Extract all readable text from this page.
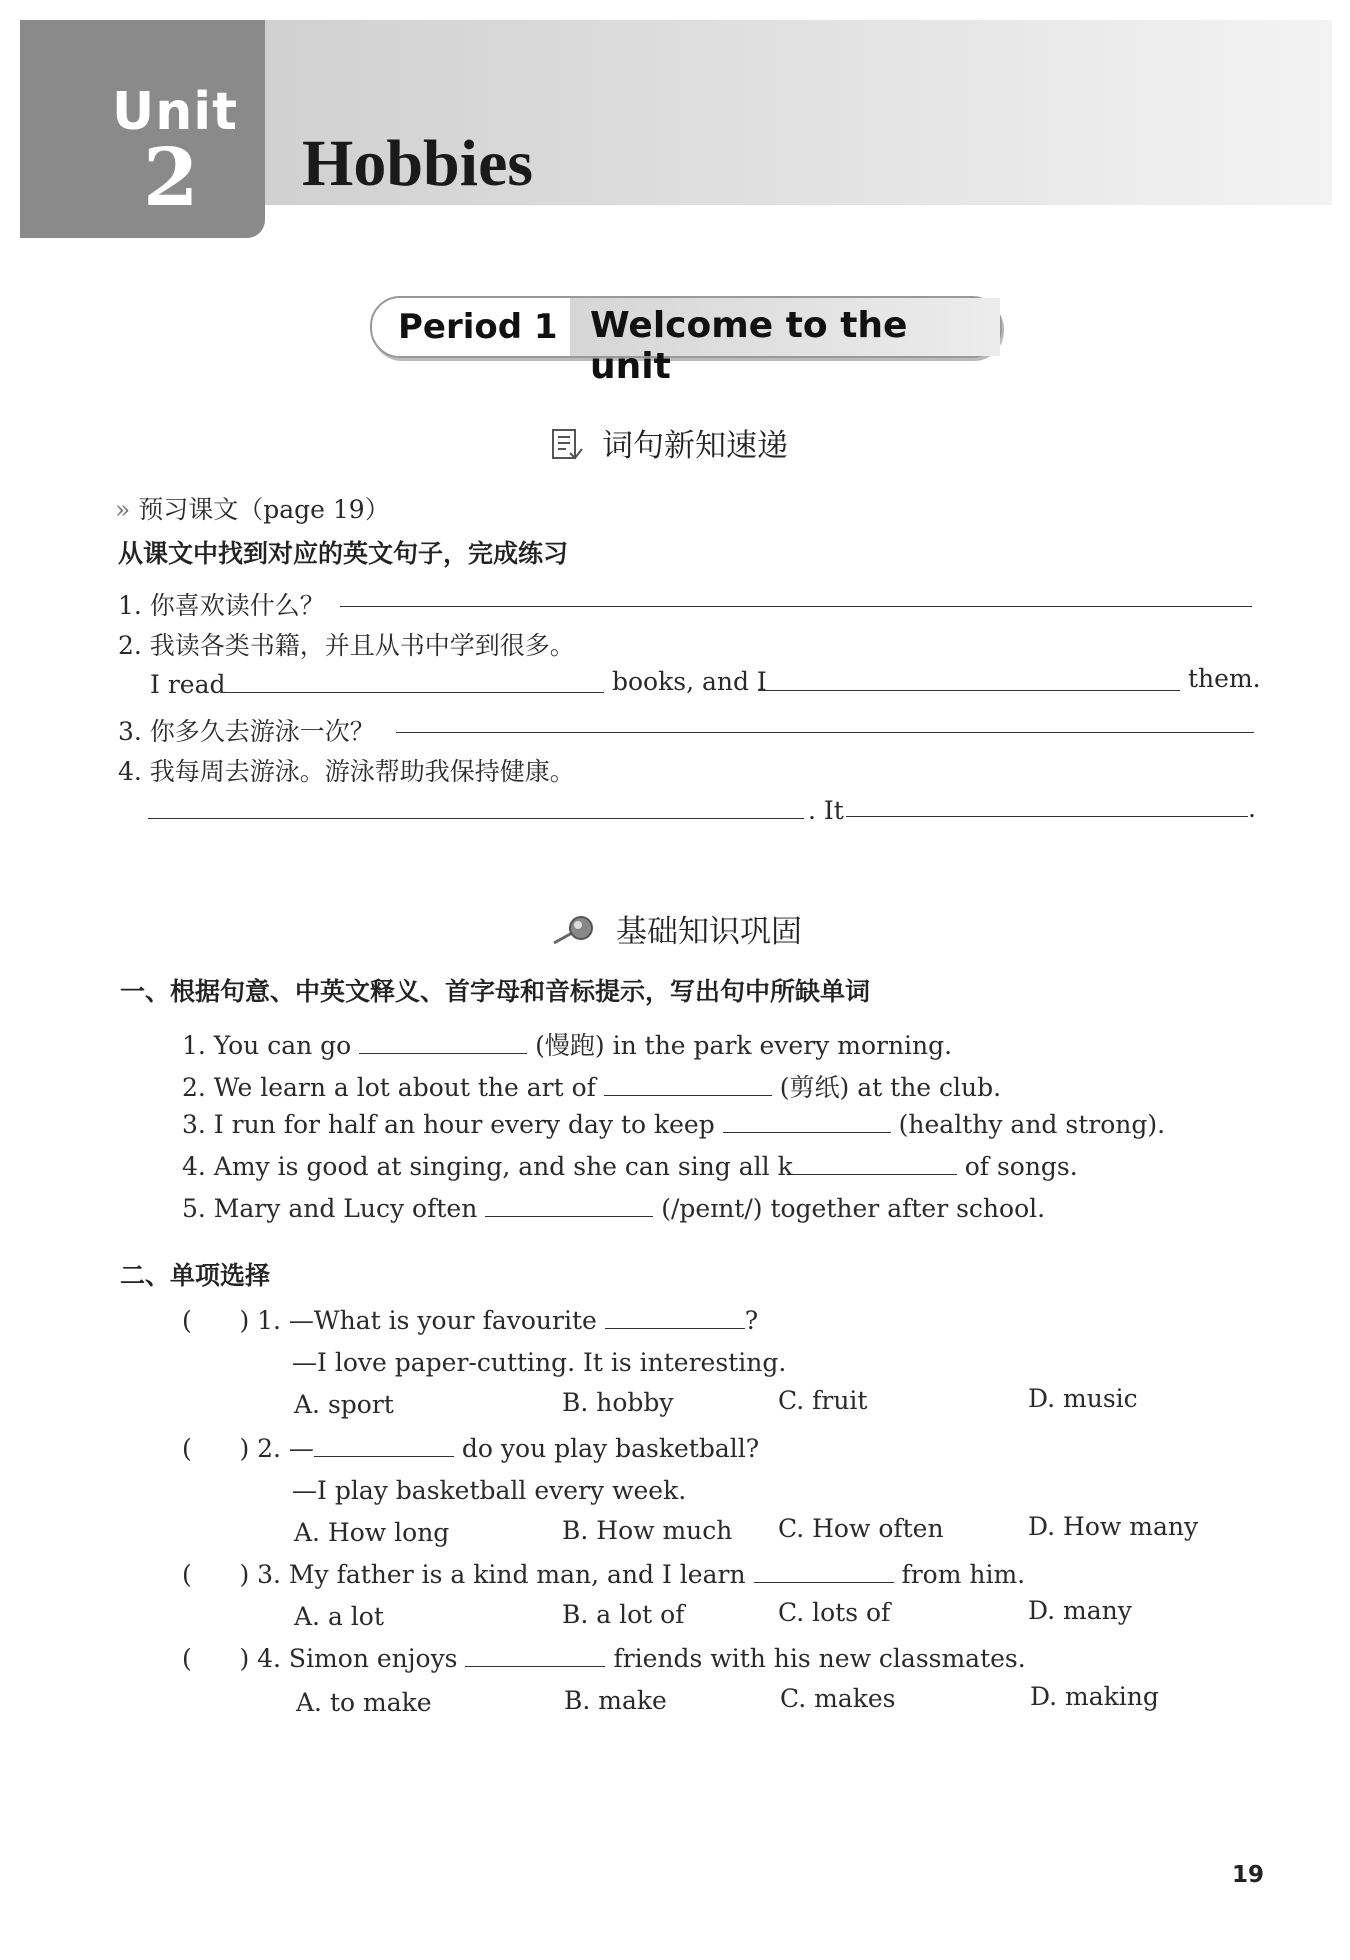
Unit
2 Hobbies
Period 1 Welcome to the unit
词句新知速递
» 预习课文（page 19）
从课文中找到对应的英文句子，完成练习
1. 你喜欢读什么？
2. 我读各类书籍，并且从书中学到很多。
I read	books, and I	them.
3. 你多久去游泳一次？
4. 我每周去游泳。游泳帮助我保持健康。
. It	.
基础知识巩固
一、根据句意、中英文释义、首字母和音标提示，写出句中所缺单词
1. You can go	(慢跑) in the park every morning.
2. We learn a lot about the art of	(剪纸) at the club.
3. I run for half an hour every day to keep	(healthy and strong).
4. Amy is good at singing, and she can sing all k	of songs.
5. Mary and Lucy often	(/peɪnt/) together after school.
二、单项选择
(      ) 1. —What is your favourite	?
—I love paper-cutting. It is interesting.
A. sport	B. hobby	C. fruit	D. music
(      ) 2. —	do you play basketball?
—I play basketball every week.
A. How long	B. How much C. How often	D. How many
(      ) 3. My father is a kind man, and I learn	from him.
A. a lot	B. a lot of	C. lots of	D. many
(      ) 4. Simon enjoys	friends with his new classmates.
A. to make	B. make	C. makes	D. making
19
